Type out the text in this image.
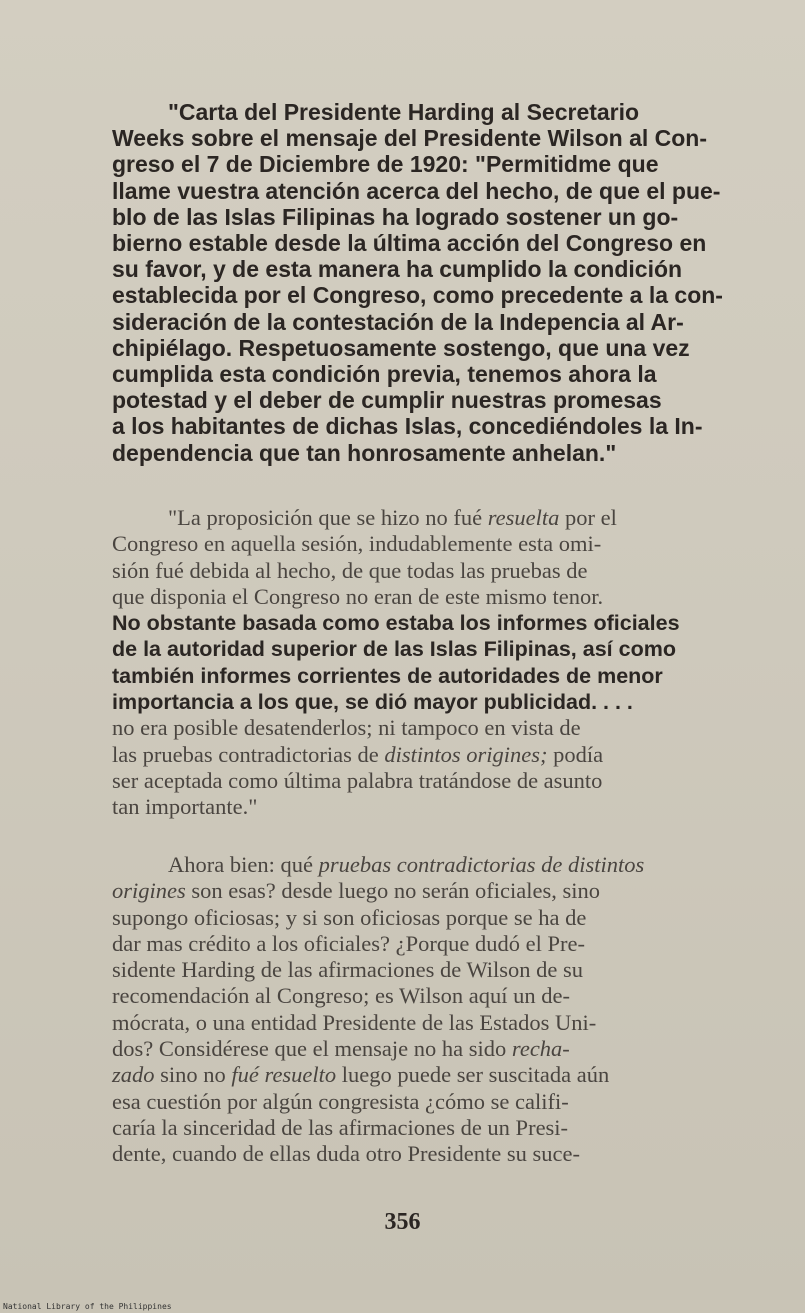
"Carta del Presidente Harding al Secretario
Weeks sobre el mensaje del Presidente Wilson al Con-
greso el 7 de Diciembre de 1920: "Permitidme que
llame vuestra atención acerca del hecho, de que el pue-
blo de las Islas Filipinas ha logrado sostener un go-
bierno estable desde la última acción del Congreso en
su favor, y de esta manera ha cumplido la condición
establecida por el Congreso, como precedente a la con-
sideración de la contestación de la Indepencia al Ar-
chipiélago. Respetuosamente sostengo, que una vez
cumplida esta condición previa, tenemos ahora la
potestad y el deber de cumplir nuestras promesas
a los habitantes de dichas Islas, concediéndoles la In-
dependencia que tan honrosamente anhelan."
"La proposición que se hizo no fué resuelta por el
Congreso en aquella sesión, indudablemente esta omi-
sión fué debida al hecho, de que todas las pruebas de
que disponia el Congreso no eran de este mismo tenor.
No obstante basada como estaba los informes oficiales
de la autoridad superior de las Islas Filipinas, así como
también informes corrientes de autoridades de menor
importancia a los que, se dió mayor publicidad. . . .
no era posible desatenderlos; ni tampoco en vista de
las pruebas contradictorias de distintos origines; podía
ser aceptada como última palabra tratándose de asunto
tan importante."
Ahora bien: qué pruebas contradictorias de distintos
origines son esas? desde luego no serán oficiales, sino
supongo oficiosas; y si son oficiosas porque se ha de
dar mas crédito a los oficiales? ¿Porque dudó el Pre-
sidente Harding de las afirmaciones de Wilson de su
recomendación al Congreso; es Wilson aquí un de-
mócrata, o una entidad Presidente de las Estados Uni-
dos? Considérese que el mensaje no ha sido recha-
zado sino no fué resuelto luego puede ser suscitada aún
esa cuestión por algún congresista ¿cómo se califi-
caría la sinceridad de las afirmaciones de un Presi-
dente, cuando de ellas duda otro Presidente su suce-
356
National Library of the Philippines
